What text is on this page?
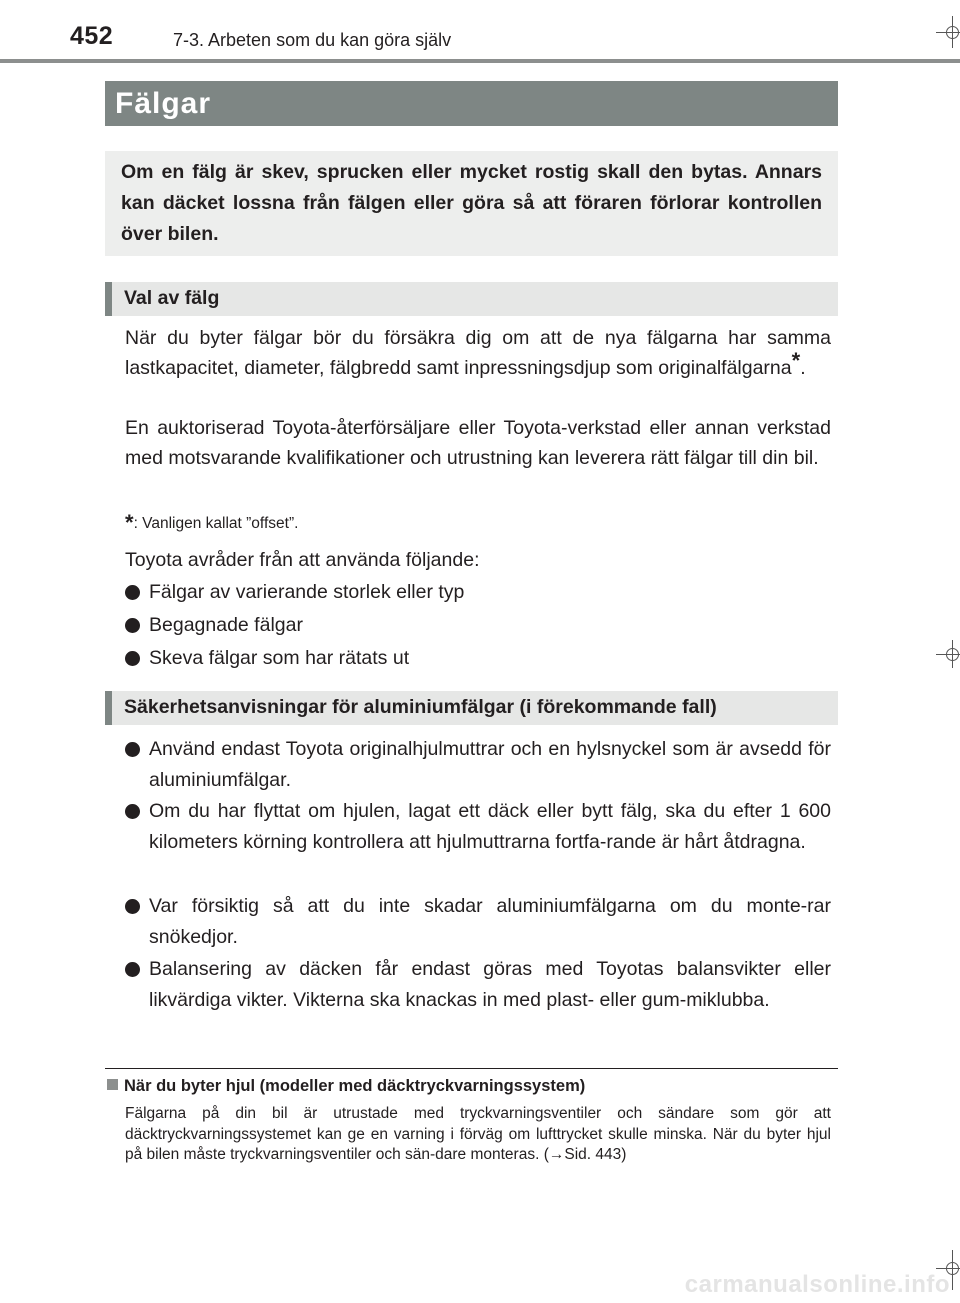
452	7-3. Arbeten som du kan göra själv
Fälgar

Om en fälg är skev, sprucken eller mycket rostig skall den bytas. Annars kan däcket lossna från fälgen eller göra så att föraren förlorar kontrollen över bilen.

Val av fälg

När du byter fälgar bör du försäkra dig om att de nya fälgarna har samma lastkapacitet, diameter, fälgbredd samt inpressningsdjup som originalfälgarna*.

En auktoriserad Toyota-återförsäljare eller Toyota-verkstad eller annan verkstad med motsvarande kvalifikationer och utrustning kan leverera rätt fälgar till din bil.

*: Vanligen kallat ”offset”.

Toyota avråder från att använda följande:

Fälgar av varierande storlek eller typ
Begagnade fälgar
Skeva fälgar som har rätats ut
Säkerhetsanvisningar för aluminiumfälgar (i förekommande fall)
Använd endast Toyota originalhjulmuttrar och en hylsnyckel som är avsedd för aluminiumfälgar.
Om du har flyttat om hjulen, lagat ett däck eller bytt fälg, ska du efter 1 600 kilometers körning kontrollera att hjulmuttrarna fortfa-rande är hårt åtdragna.
Var försiktig så att du inte skadar aluminiumfälgarna om du monte-rar snökedjor.
Balansering av däcken får endast göras med Toyotas balansvikter eller likvärdiga vikter. Vikterna ska knackas in med plast- eller gum-miklubba.
När du byter hjul (modeller med däcktryckvarningssystem)

Fälgarna på din bil är utrustade med tryckvarningsventiler och sändare som gör att däcktryckvarningssystemet kan ge en varning i förväg om lufttrycket skulle minska. När du byter hjul på bilen måste tryckvarningsventiler och sän-dare monteras. (→Sid. 443)

carmanualsonline.info
